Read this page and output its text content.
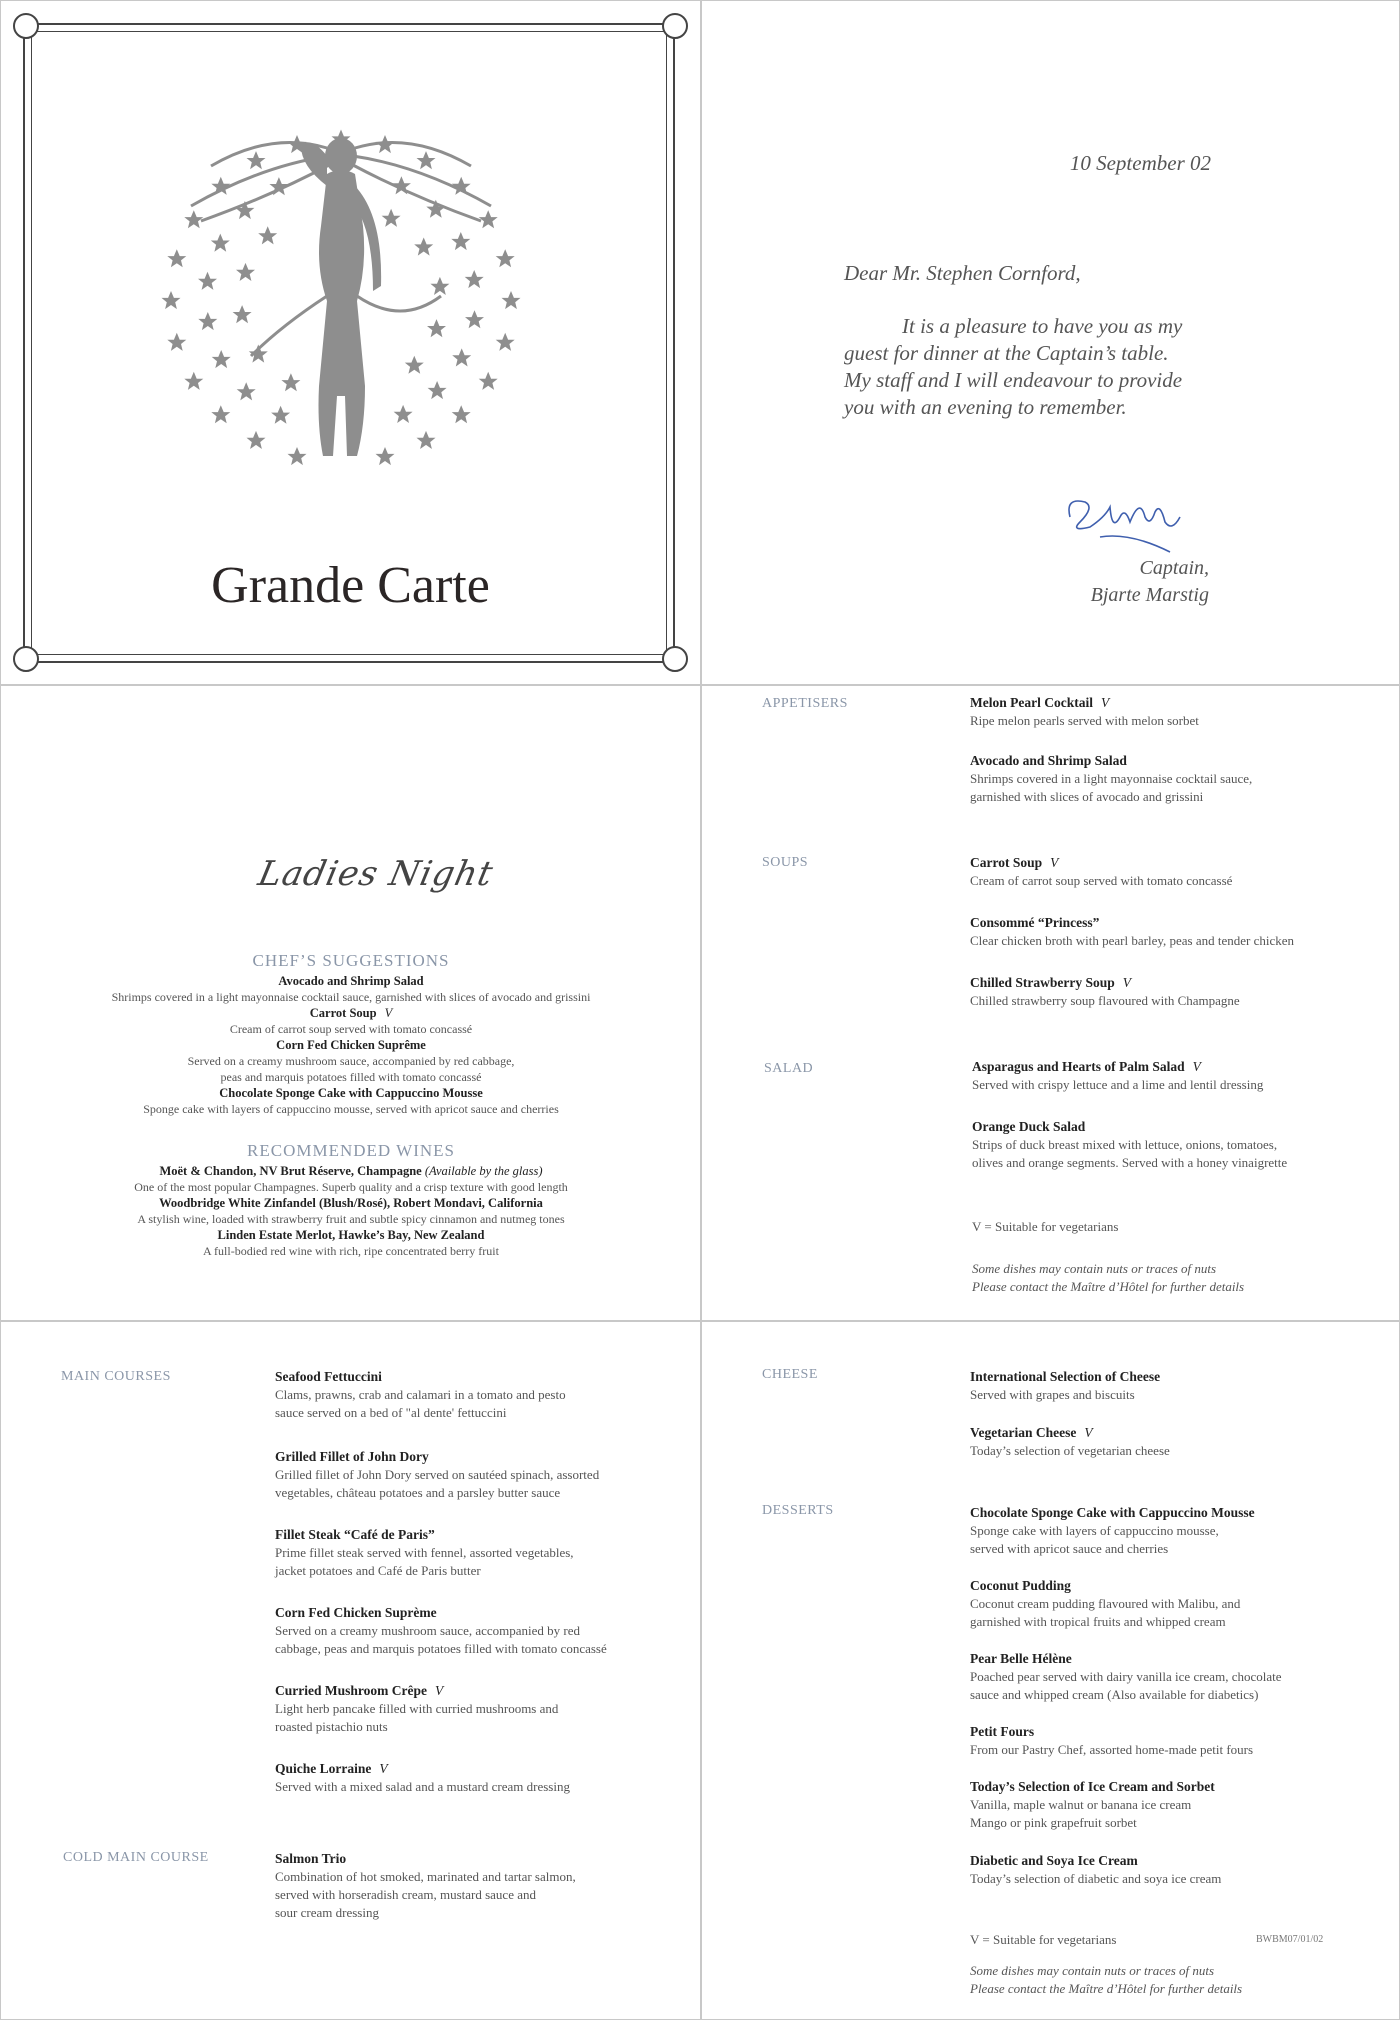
Grande Carte
10 September 02
Dear Mr. Stephen Cornford,
It is a pleasure to have you as my
guest for dinner at the Captain’s table.
My staff and I will endeavour to provide
you with an evening to remember.
Captain,
Bjarte Marstig
Ladies Night
CHEF’S SUGGESTIONS
Avocado and Shrimp Salad
Shrimps covered in a light mayonnaise cocktail sauce, garnished with slices of avocado and grissini
Carrot Soup V
Cream of carrot soup served with tomato concassé
Corn Fed Chicken Suprême
Served on a creamy mushroom sauce, accompanied by red cabbage,
peas and marquis potatoes filled with tomato concassé
Chocolate Sponge Cake with Cappuccino Mousse
Sponge cake with layers of cappuccino mousse, served with apricot sauce and cherries
RECOMMENDED WINES
Moët & Chandon, NV Brut Réserve, Champagne (Available by the glass)
One of the most popular Champagnes. Superb quality and a crisp texture with good length
Woodbridge White Zinfandel (Blush/Rosé), Robert Mondavi, California
A stylish wine, loaded with strawberry fruit and subtle spicy cinnamon and nutmeg tones
Linden Estate Merlot, Hawke’s Bay, New Zealand
A full-bodied red wine with rich, ripe concentrated berry fruit
APPETISERS
SOUPS
SALAD
Melon Pearl Cocktail V
Ripe melon pearls served with melon sorbet
Avocado and Shrimp Salad
Shrimps covered in a light mayonnaise cocktail sauce,
garnished with slices of avocado and grissini
Carrot Soup V
Cream of carrot soup served with tomato concassé
Consommé “Princess”
Clear chicken broth with pearl barley, peas and tender chicken
Chilled Strawberry Soup V
Chilled strawberry soup flavoured with Champagne
Asparagus and Hearts of Palm Salad V
Served with crispy lettuce and a lime and lentil dressing
Orange Duck Salad
Strips of duck breast mixed with lettuce, onions, tomatoes,
olives and orange segments. Served with a honey vinaigrette
V = Suitable for vegetarians
Some dishes may contain nuts or traces of nuts
Please contact the Maître d’Hôtel for further details
MAIN COURSES
COLD MAIN COURSE
Seafood Fettuccini
Clams, prawns, crab and calamari in a tomato and pesto
sauce served on a bed of "al dente' fettuccini
Grilled Fillet of John Dory
Grilled fillet of John Dory served on sautéed spinach, assorted
vegetables, château potatoes and a parsley butter sauce
Fillet Steak “Café de Paris”
Prime fillet steak served with fennel, assorted vegetables,
jacket potatoes and Café de Paris butter
Corn Fed Chicken Suprème
Served on a creamy mushroom sauce, accompanied by red
cabbage, peas and marquis potatoes filled with tomato concassé
Curried Mushroom Crêpe V
Light herb pancake filled with curried mushrooms and
roasted pistachio nuts
Quiche Lorraine V
Served with a mixed salad and a mustard cream dressing
Salmon Trio
Combination of hot smoked, marinated and tartar salmon,
served with horseradish cream, mustard sauce and
sour cream dressing
CHEESE
DESSERTS
International Selection of Cheese
Served with grapes and biscuits
Vegetarian Cheese V
Today’s selection of vegetarian cheese
Chocolate Sponge Cake with Cappuccino Mousse
Sponge cake with layers of cappuccino mousse,
served with apricot sauce and cherries
Coconut Pudding
Coconut cream pudding flavoured with Malibu, and
garnished with tropical fruits and whipped cream
Pear Belle Hélène
Poached pear served with dairy vanilla ice cream, chocolate
sauce and whipped cream (Also available for diabetics)
Petit Fours
From our Pastry Chef, assorted home-made petit fours
Today’s Selection of Ice Cream and Sorbet
Vanilla, maple walnut or banana ice cream
Mango or pink grapefruit sorbet
Diabetic and Soya Ice Cream
Today’s selection of diabetic and soya ice cream
V = Suitable for vegetarians	BWBM07/01/02
Some dishes may contain nuts or traces of nuts
Please contact the Maître d’Hôtel for further details
